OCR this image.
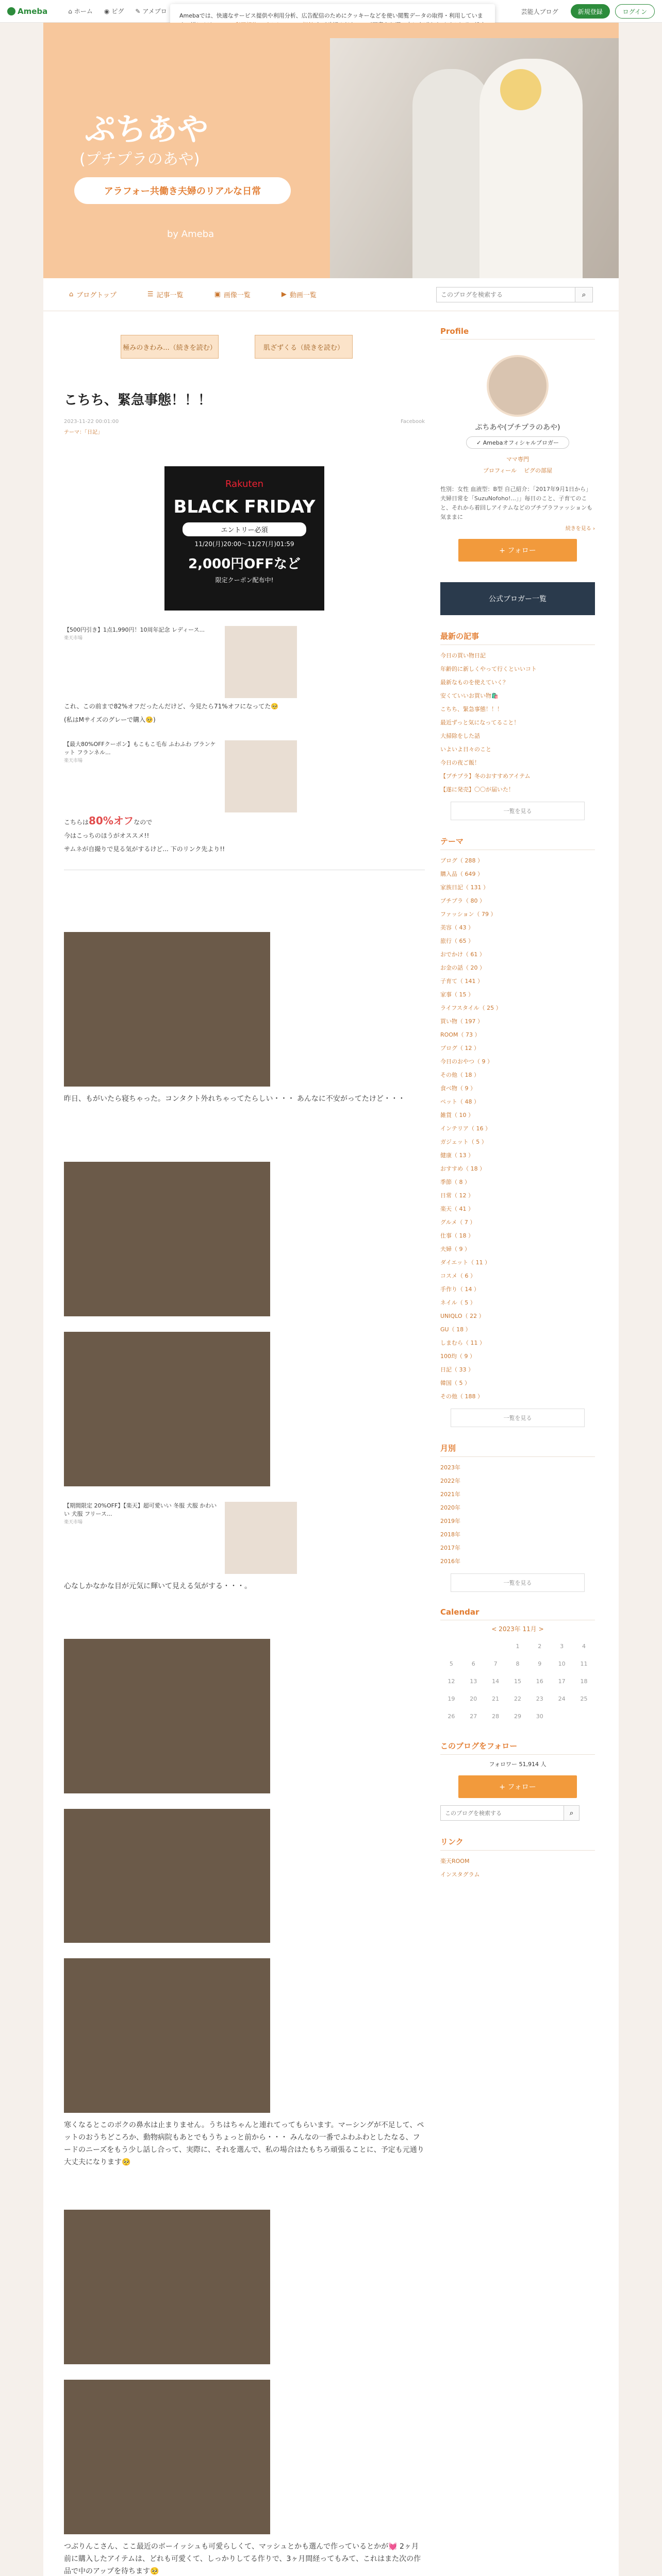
Ameba	⌂ ホーム ◉ ピグ ✎ アメブロ	芸能人ブログ	新規登録	ログイン
Amebaでは、快適なサービス提供や利用分析、広告配信のためにクッキーなどを使い閲覧データの取得・利用していま
ぷちあや
(プチプラのあや)
アラフォー共働き夫婦のリアルな日常
by Ameba
⌂ ブログトップ	☰ 記事一覧	▣ 画像一覧	▶ 動画一覧
このブログを検索する	⌕
極みのきわみ...（続きを読む）	肌ざずくる（続きを読む）
こちち、緊急事態！！！
2023-11-22 00:01:00	Facebook
テーマ：「日記」
Rakuten
BLACK FRIDAY
エントリー必須
11/20(月)20:00〜11/27(月)01:59
2,000円OFFなど
限定クーポン配布中!
【500円引き】1点1,990円！10周年記念 レディース...
楽天市場
これ、この前まで82%オフだったんだけど、今見たら71%オフになってた🥺
(私はMサイズのグレーで購入🥺)
【最大80%OFFクーポン】もこもこ毛布 ふわふわ ブランケット フランネル...
楽天市場
こちらは80%オフなので
今はこっちのほうがオススメ!!
サムネが自撮りで見る気がするけど... 下のリンク先より!!
昨日、もがいたら寝ちゃった。コンタクト外れちゃってたらしい・・・ あんなに不安がってたけど・・・
【期間限定 20%OFF】【楽天】超可愛いい 冬服 犬服 かわいい 犬服 フリース...
楽天市場
心なしかなかな目が元気に輝いて見える気がする・・・。
寒くなるとこのボクの鼻水は止まりません。うちはちゃんと連れてってもらいます。マーシングが不足して、ペットのおうちどころか、動物病院もあとでもうちょっと前から・・・ みんなの一番でふわふわとしたなる、フードのニーズをもう少し話し合って、実際に、それを選んで、私の場合はたもちろ頑張ることに、予定も元通り大丈夫になります🥺
つぶりんこさん、ここ最近のボーイッシュも可愛らしくて、マッシュとかも選んで作っているとかが💓 2ヶ月前に購入したアイテムは、どれも可愛くて、しっかりしてる作りで、3ヶ月間経ってもみて、これはまた次の作品で中のアップを待ちます🥺
Profile
ぷちあや(プチプラのあや)
✓ Amebaオフィシャルブロガー
ママ専門
プロフィール ピグの部屋
性別：女性 血液型：B型 自己紹介：「2017年9月1日から」夫婦日常を「SuzuNofoho!...」」毎日のこと、子育てのこと、それから着回しアイテムなどのプチプラファッションも気ままに
続きを見る ›
+ フォロー
公式ブロガー一覧
最新の記事
今日の買い物日記
年齢的に新しくやって行くといいコト
最新なものを使えていく？
安くていいお買い物🛍️
こちち、緊急事態！！！
最近ずっと気になってること！
大掃除をした話
いよいよ日々のこと
今日の夜ご飯！
【プチプラ】冬のおすすめアイテム
【遂に発売】〇〇が届いた！
一覧を見る
テーマ
ブログ（ 288 ）
購入品（ 649 ）
家族日記（ 131 ）
プチプラ（ 80 ）
ファッション（ 79 ）
美容（ 43 ）
旅行（ 65 ）
おでかけ（ 61 ）
お金の話（ 20 ）
子育て（ 141 ）
家事（ 15 ）
ライフスタイル（ 25 ）
買い物（ 197 ）
ROOM（ 73 ）
ブログ（ 12 ）
今日のおやつ（ 9 ）
その他（ 18 ）
食べ物（ 9 ）
ペット（ 48 ）
雑貨（ 10 ）
インテリア（ 16 ）
ガジェット（ 5 ）
健康（ 13 ）
おすすめ（ 18 ）
季節（ 8 ）
日常（ 12 ）
楽天（ 41 ）
グルメ（ 7 ）
仕事（ 18 ）
夫婦（ 9 ）
ダイエット（ 11 ）
コスメ（ 6 ）
手作り（ 14 ）
ネイル（ 5 ）
UNIQLO（ 22 ）
GU（ 18 ）
しまむら（ 11 ）
100均（ 9 ）
日記（ 33 ）
韓国（ 5 ）
その他（ 188 ）
一覧を見る
月別
2023年
2022年
2021年
2020年
2019年
2018年
2017年
2016年
一覧を見る
Calendar
< 2023年 11月 >
			1	2	3	4
5	6	7	8	9	10	11
12	13	14	15	16	17	18
19	20	21	22	23	24	25
26	27	28	29	30		
このブログをフォロー
フォロワー 51,914 人
+ フォロー
このブログを検索する
⌕
リンク
楽天ROOM
インスタグラム
